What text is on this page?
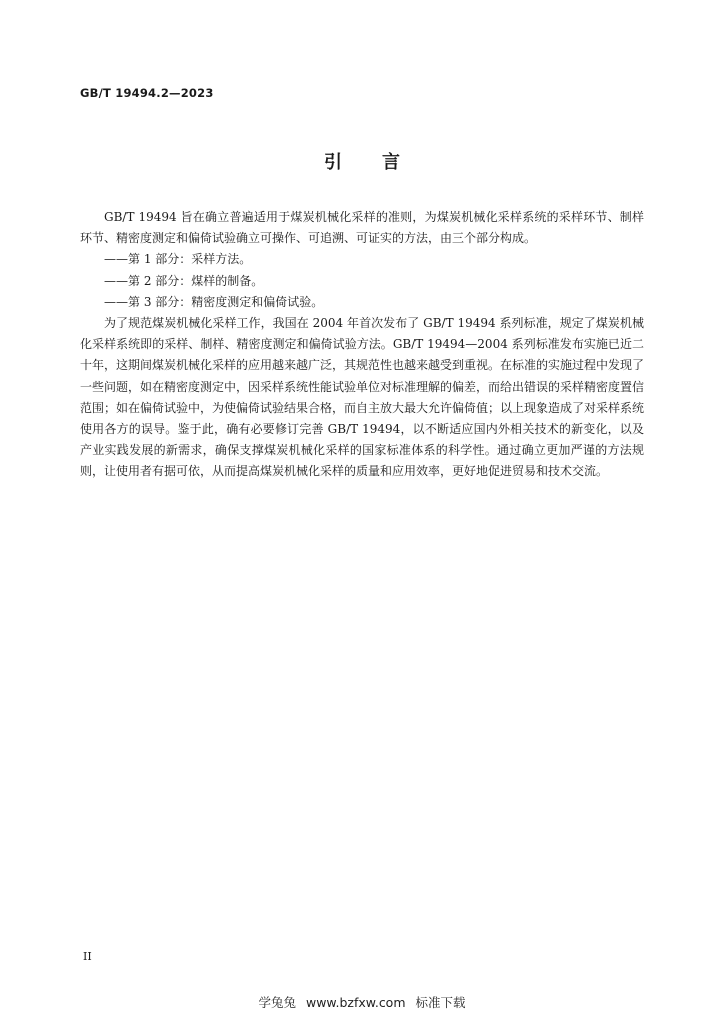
GB/T 19494.2—2023
引言

GB/T 19494 旨在确立普遍适用于煤炭机械化采样的准则，为煤炭机械化采样系统的采样环节、制样环节、精密度测定和偏倚试验确立可操作、可追溯、可证实的方法，由三个部分构成。

——第 1 部分：采样方法。

——第 2 部分：煤样的制备。

——第 3 部分：精密度测定和偏倚试验。

为了规范煤炭机械化采样工作，我国在 2004 年首次发布了 GB/T 19494 系列标准，规定了煤炭机械化采样系统即的采样、制样、精密度测定和偏倚试验方法。GB/T 19494—2004 系列标准发布实施已近二十年，这期间煤炭机械化采样的应用越来越广泛，其规范性也越来越受到重视。在标准的实施过程中发现了一些问题，如在精密度测定中，因采样系统性能试验单位对标准理解的偏差，而给出错误的采样精密度置信范围；如在偏倚试验中，为使偏倚试验结果合格，而自主放大最大允许偏倚值；以上现象造成了对采样系统使用各方的误导。鉴于此，确有必要修订完善 GB/T 19494，以不断适应国内外相关技术的新变化，以及产业实践发展的新需求，确保支撑煤炭机械化采样的国家标准体系的科学性。通过确立更加严谨的方法规则，让使用者有据可依，从而提高煤炭机械化采样的质量和应用效率，更好地促进贸易和技术交流。

II
学兔兔 www.bzfxw.com 标准下载
